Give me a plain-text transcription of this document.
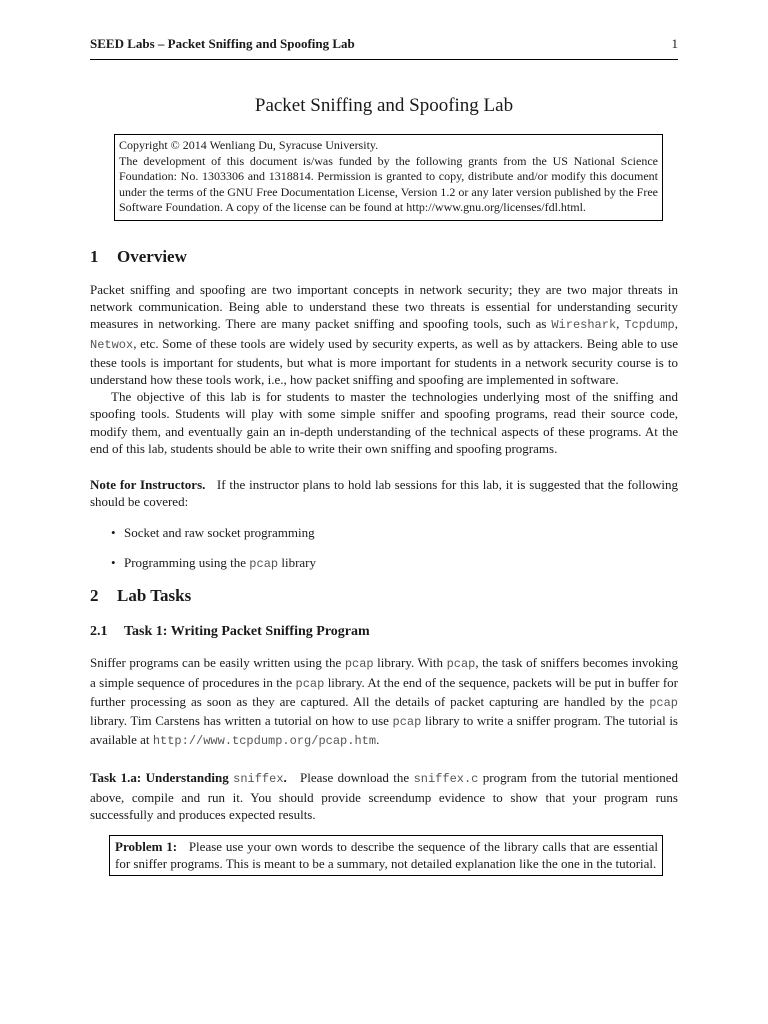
SEED Labs – Packet Sniffing and Spoofing Lab	1
Packet Sniffing and Spoofing Lab
Copyright © 2014 Wenliang Du, Syracuse University.
The development of this document is/was funded by the following grants from the US National Science Foundation: No. 1303306 and 1318814. Permission is granted to copy, distribute and/or modify this document under the terms of the GNU Free Documentation License, Version 1.2 or any later version published by the Free Software Foundation. A copy of the license can be found at http://www.gnu.org/licenses/fdl.html.
1 Overview

Packet sniffing and spoofing are two important concepts in network security; they are two major threats in network communication. Being able to understand these two threats is essential for understanding security measures in networking. There are many packet sniffing and spoofing tools, such as Wireshark, Tcpdump, Netwox, etc. Some of these tools are widely used by security experts, as well as by attackers. Being able to use these tools is important for students, but what is more important for students in a network security course is to understand how these tools work, i.e., how packet sniffing and spoofing are implemented in software.

The objective of this lab is for students to master the technologies underlying most of the sniffing and spoofing tools. Students will play with some simple sniffer and spoofing programs, read their source code, modify them, and eventually gain an in-depth understanding of the technical aspects of these programs. At the end of this lab, students should be able to write their own sniffing and spoofing programs.

Note for Instructors. If the instructor plans to hold lab sessions for this lab, it is suggested that the following should be covered:

• Socket and raw socket programming
• Programming using the pcap library
2 Lab Tasks
2.1 Task 1: Writing Packet Sniffing Program

Sniffer programs can be easily written using the pcap library. With pcap, the task of sniffers becomes invoking a simple sequence of procedures in the pcap library. At the end of the sequence, packets will be put in buffer for further processing as soon as they are captured. All the details of packet capturing are handled by the pcap library. Tim Carstens has written a tutorial on how to use pcap library to write a sniffer program. The tutorial is available at http://www.tcpdump.org/pcap.htm.

Task 1.a: Understanding sniffex. Please download the sniffex.c program from the tutorial mentioned above, compile and run it. You should provide screendump evidence to show that your program runs successfully and produces expected results.

Problem 1: Please use your own words to describe the sequence of the library calls that are essential for sniffer programs. This is meant to be a summary, not detailed explanation like the one in the tutorial.
